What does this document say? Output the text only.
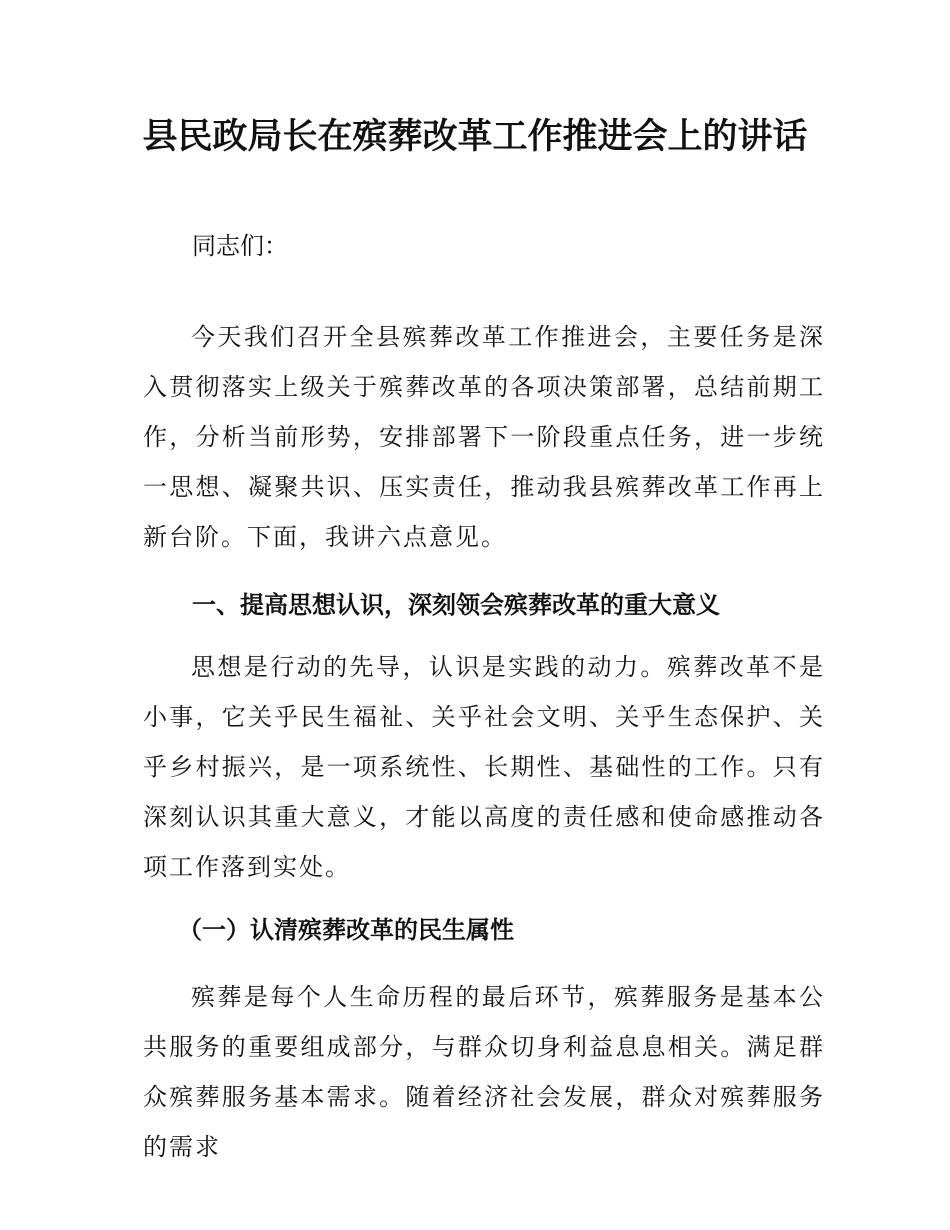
县民政局长在殡葬改革工作推进会上的讲话

同志们：

今天我们召开全县殡葬改革工作推进会，主要任务是深入贯彻落实上级关于殡葬改革的各项决策部署，总结前期工作，分析当前形势，安排部署下一阶段重点任务，进一步统一思想、凝聚共识、压实责任，推动我县殡葬改革工作再上新台阶。下面，我讲六点意见。

一、提高思想认识，深刻领会殡葬改革的重大意义

思想是行动的先导，认识是实践的动力。殡葬改革不是小事，它关乎民生福祉、关乎社会文明、关乎生态保护、关乎乡村振兴，是一项系统性、长期性、基础性的工作。只有深刻认识其重大意义，才能以高度的责任感和使命感推动各项工作落到实处。

（一）认清殡葬改革的民生属性

殡葬是每个人生命历程的最后环节，殡葬服务是基本公共服务的重要组成部分，与群众切身利益息息相关。满足群众殡葬服务基本需求。随着经济社会发展，群众对殡葬服务的需求
